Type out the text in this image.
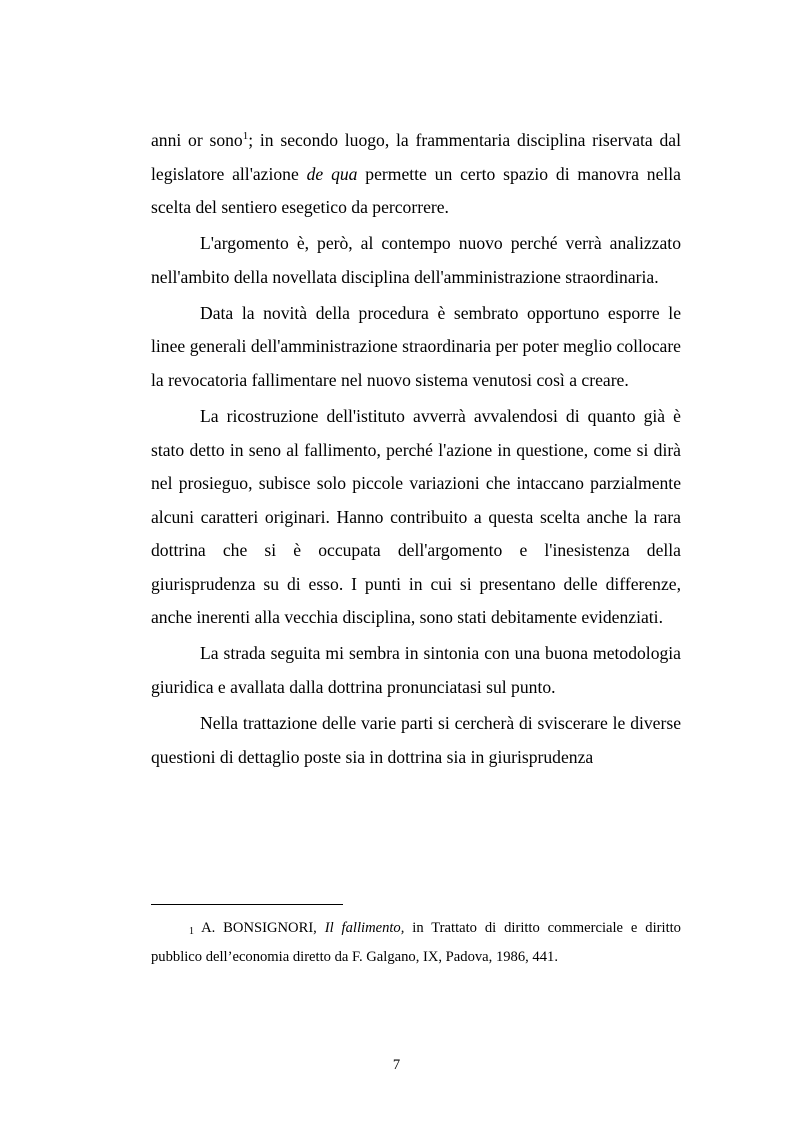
anni or sono$^1$; in secondo luogo, la frammentaria disciplina riservata dal legislatore all'azione de qua permette un certo spazio di manovra nella scelta del sentiero esegetico da percorrere.

L'argomento è, però, al contempo nuovo perché verrà analizzato nell'ambito della novellata disciplina dell'amministrazione straordinaria.

Data la novità della procedura è sembrato opportuno esporre le linee generali dell'amministrazione straordinaria per poter meglio collocare la revocatoria fallimentare nel nuovo sistema venutosi così a creare.

La ricostruzione dell'istituto avverrà avvalendosi di quanto già è stato detto in seno al fallimento, perché l'azione in questione, come si dirà nel prosieguo, subisce solo piccole variazioni che intaccano parzialmente alcuni caratteri originari. Hanno contribuito a questa scelta anche la rara dottrina che si è occupata dell'argomento e l'inesistenza della giurisprudenza su di esso. I punti in cui si presentano delle differenze, anche inerenti alla vecchia disciplina, sono stati debitamente evidenziati.

La strada seguita mi sembra in sintonia con una buona metodologia giuridica e avallata dalla dottrina pronunciatasi sul punto.

Nella trattazione delle varie parti si cercherà di sviscerare le diverse questioni di dettaglio poste sia in dottrina sia in giurisprudenza

$^1$ A. BONSIGNORI, Il fallimento, in Trattato di diritto commerciale e diritto pubblico dell’economia diretto da F. Galgano, IX, Padova, 1986, 441.
7
